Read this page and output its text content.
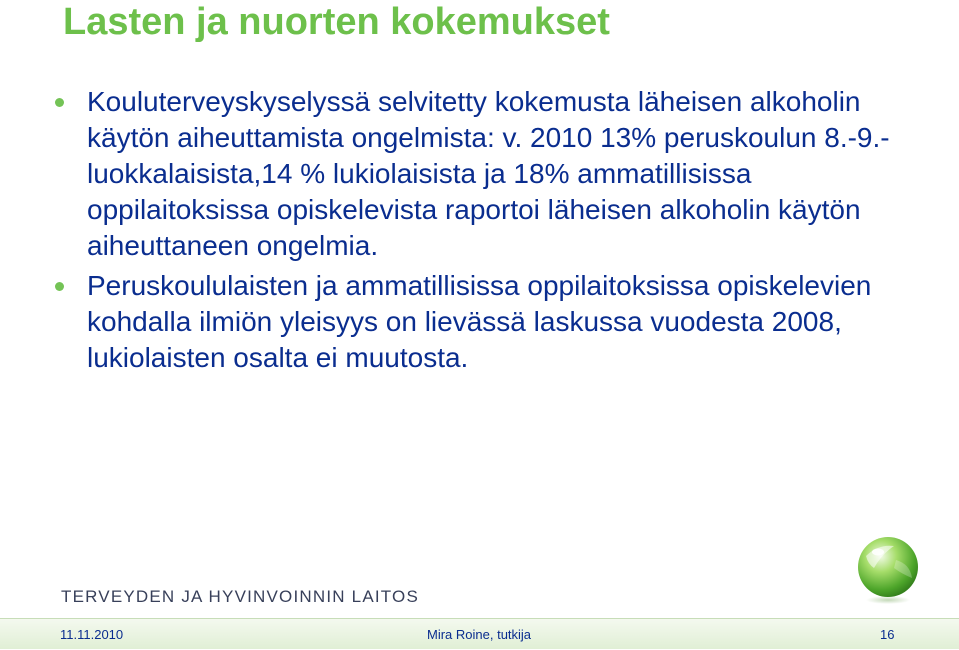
Lasten ja nuorten kokemukset
Kouluterveyskyselyssä selvitetty kokemusta läheisen alkoholin käytön aiheuttamista ongelmista: v. 2010 13% peruskoulun 8.-9.-luokkalaisista,14 % lukiolaisista ja 18% ammatillisissa oppilaitoksissa opiskelevista raportoi läheisen alkoholin käytön aiheuttaneen ongelmia.
Peruskoululaisten ja ammatillisissa oppilaitoksissa opiskelevien kohdalla ilmiön yleisyys on lievässä laskussa vuodesta 2008, lukiolaisten osalta ei muutosta.
TERVEYDEN JA HYVINVOINNIN LAITOS
11.11.2010	Mira Roine, tutkija	16
